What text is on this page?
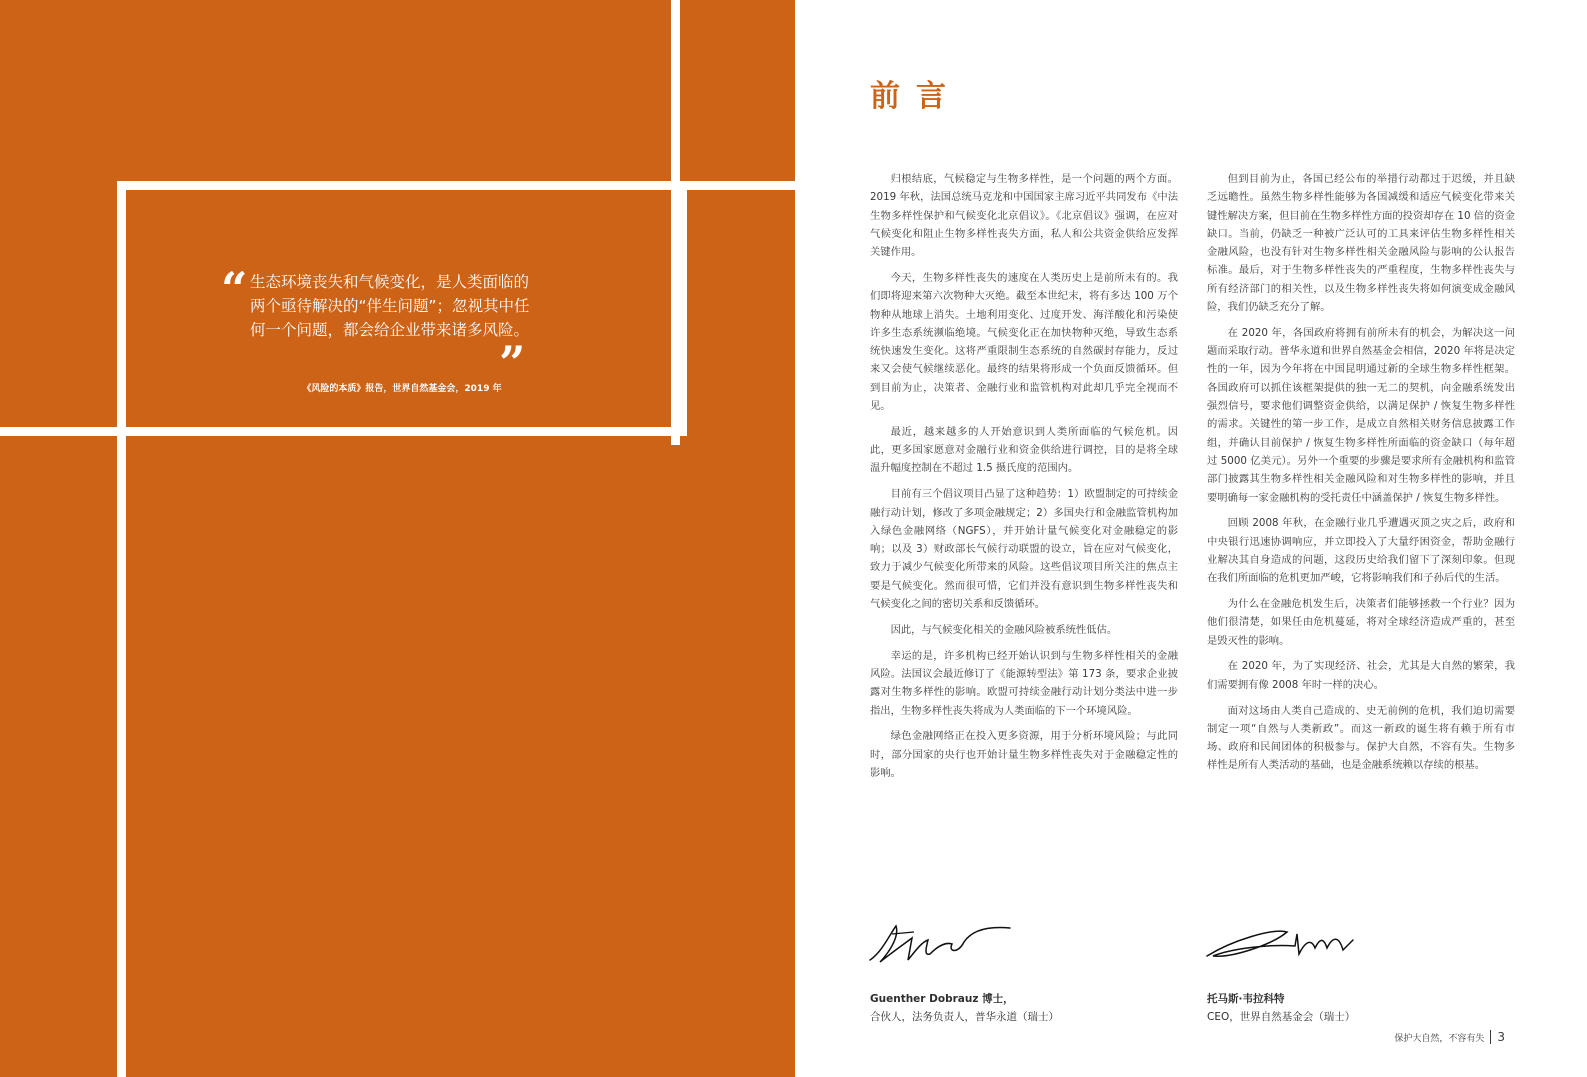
“ 生态环境丧失和气候变化，是人类面临的两个亟待解决的“伴生问题”；忽视其中任何一个问题，都会给企业带来诸多风险。

”

《风险的本质》报告，世界自然基金会，2019 年

前言

归根结底，气候稳定与生物多样性，是一个问题的两个方面。2019 年秋，法国总统马克龙和中国国家主席习近平共同发布《中法生物多样性保护和气候变化北京倡议》。《北京倡议》强调，在应对气候变化和阻止生物多样性丧失方面，私人和公共资金供给应发挥关键作用。

今天，生物多样性丧失的速度在人类历史上是前所未有的。我们即将迎来第六次物种大灭绝。截至本世纪末，将有多达 100 万个物种从地球上消失。土地利用变化、过度开发、海洋酸化和污染使许多生态系统濒临绝境。气候变化正在加快物种灭绝，导致生态系统快速发生变化。这将严重限制生态系统的自然碳封存能力，反过来又会使气候继续恶化。最终的结果将形成一个负面反馈循环。但到目前为止，决策者、金融行业和监管机构对此却几乎完全视而不见。

最近，越来越多的人开始意识到人类所面临的气候危机。因此，更多国家愿意对金融行业和资金供给进行调控，目的是将全球温升幅度控制在不超过 1.5 摄氏度的范围内。

目前有三个倡议项目凸显了这种趋势：1）欧盟制定的可持续金融行动计划，修改了多项金融规定；2）多国央行和金融监管机构加入绿色金融网络（NGFS），并开始计量气候变化对金融稳定的影响；以及 3）财政部长气候行动联盟的设立，旨在应对气候变化，致力于减少气候变化所带来的风险。这些倡议项目所关注的焦点主要是气候变化。然而很可惜，它们并没有意识到生物多样性丧失和气候变化之间的密切关系和反馈循环。

因此，与气候变化相关的金融风险被系统性低估。

幸运的是，许多机构已经开始认识到与生物多样性相关的金融风险。法国议会最近修订了《能源转型法》第 173 条，要求企业披露对生物多样性的影响。欧盟可持续金融行动计划分类法中进一步指出，生物多样性丧失将成为人类面临的下一个环境风险。

绿色金融网络正在投入更多资源，用于分析环境风险；与此同时，部分国家的央行也开始计量生物多样性丧失对于金融稳定性的影响。

但到目前为止，各国已经公布的举措行动都过于迟缓，并且缺乏远瞻性。虽然生物多样性能够为各国减缓和适应气候变化带来关键性解决方案，但目前在生物多样性方面的投资却存在 10 倍的资金缺口。当前，仍缺乏一种被广泛认可的工具来评估生物多样性相关金融风险，也没有针对生物多样性相关金融风险与影响的公认报告标准。最后，对于生物多样性丧失的严重程度，生物多样性丧失与所有经济部门的相关性，以及生物多样性丧失将如何演变成金融风险，我们仍缺乏充分了解。

在 2020 年，各国政府将拥有前所未有的机会，为解决这一问题而采取行动。普华永道和世界自然基金会相信，2020 年将是决定性的一年，因为今年将在中国昆明通过新的全球生物多样性框架。各国政府可以抓住该框架提供的独一无二的契机，向金融系统发出强烈信号，要求他们调整资金供给，以满足保护 / 恢复生物多样性的需求。关键性的第一步工作，是成立自然相关财务信息披露工作组，并确认目前保护 / 恢复生物多样性所面临的资金缺口（每年超过 5000 亿美元）。另外一个重要的步骤是要求所有金融机构和监管部门披露其生物多样性相关金融风险和对生物多样性的影响，并且要明确每一家金融机构的受托责任中涵盖保护 / 恢复生物多样性。

回顾 2008 年秋，在金融行业几乎遭遇灭顶之灾之后，政府和中央银行迅速协调响应，并立即投入了大量纾困资金，帮助金融行业解决其自身造成的问题，这段历史给我们留下了深刻印象。但现在我们所面临的危机更加严峻，它将影响我们和子孙后代的生活。

为什么在金融危机发生后，决策者们能够拯救一个行业？因为他们很清楚，如果任由危机蔓延，将对全球经济造成严重的，甚至是毁灭性的影响。

在 2020 年，为了实现经济、社会，尤其是大自然的繁荣，我们需要拥有像 2008 年时一样的决心。

面对这场由人类自己造成的、史无前例的危机，我们迫切需要制定一项“自然与人类新政”。而这一新政的诞生将有赖于所有市场、政府和民间团体的积极参与。保护大自然，不容有失。生物多样性是所有人类活动的基础，也是金融系统赖以存续的根基。

Guenther Dobrauz 博士，

合伙人，法务负责人，普华永道（瑞士）

托马斯·韦拉科特

CEO，世界自然基金会（瑞士）

保护大自然，不容有失 3
